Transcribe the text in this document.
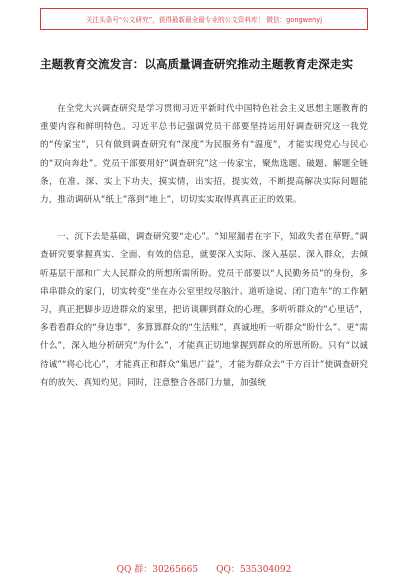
关注头条号“公文研究”，获得最新最全最专业的公文资料库！ 微信：gongwenyj
主题教育交流发言：以高质量调查研究推动主题教育走深走实

在全党大兴调查研究是学习贯彻习近平新时代中国特色社会主义思想主题教育的重要内容和鲜明特色。习近平总书记强调党员干部要坚持运用好调查研究这一我党的“传家宝”，只有做到调查研究有“深度”为民服务有“温度”，才能实现党心与民心的“双向奔赴”。党员干部要用好“调查研究”这一传家宝，聚焦选题、破题、解题全链条，在准、深、实上下功夫，摸实情，出实招，提实效，不断提高解决实际问题能力，推动调研从“纸上”落到“地上”，切切实实取得真真正正的效果。

一、沉下去是基础，调查研究要“走心”。“知屋漏者在宇下，知政失者在草野。”调查研究要掌握真实、全面、有效的信息，就要深入实际、深入基层、深入群众，去倾听基层干部和广大人民群众的所想所需所盼。党员干部要以“人民勤务员”的身份，多串串群众的家门，切实转变“坐在办公室里绞尽脑汁、道听途说、闭门造车”的工作陋习，真正把脚步迈进群众的家里，把访谈聊到群众的心理，多听听群众的“心里话”，多看看群众的“身边事”，多算算群众的“生活账”，真诚地听一听群众“盼什么”、更“需什么”，深入地分析研究“为什么”，才能真正切地掌握到群众的所思所盼。只有“以诚待诚”“将心比心”，才能真正和群众“集思广益”，才能为群众去“千方百计”使调查研究有的放矢、真知灼见。同时，注意整合各部门力量，加强统

QQ 群：30265665 QQ：535304092
